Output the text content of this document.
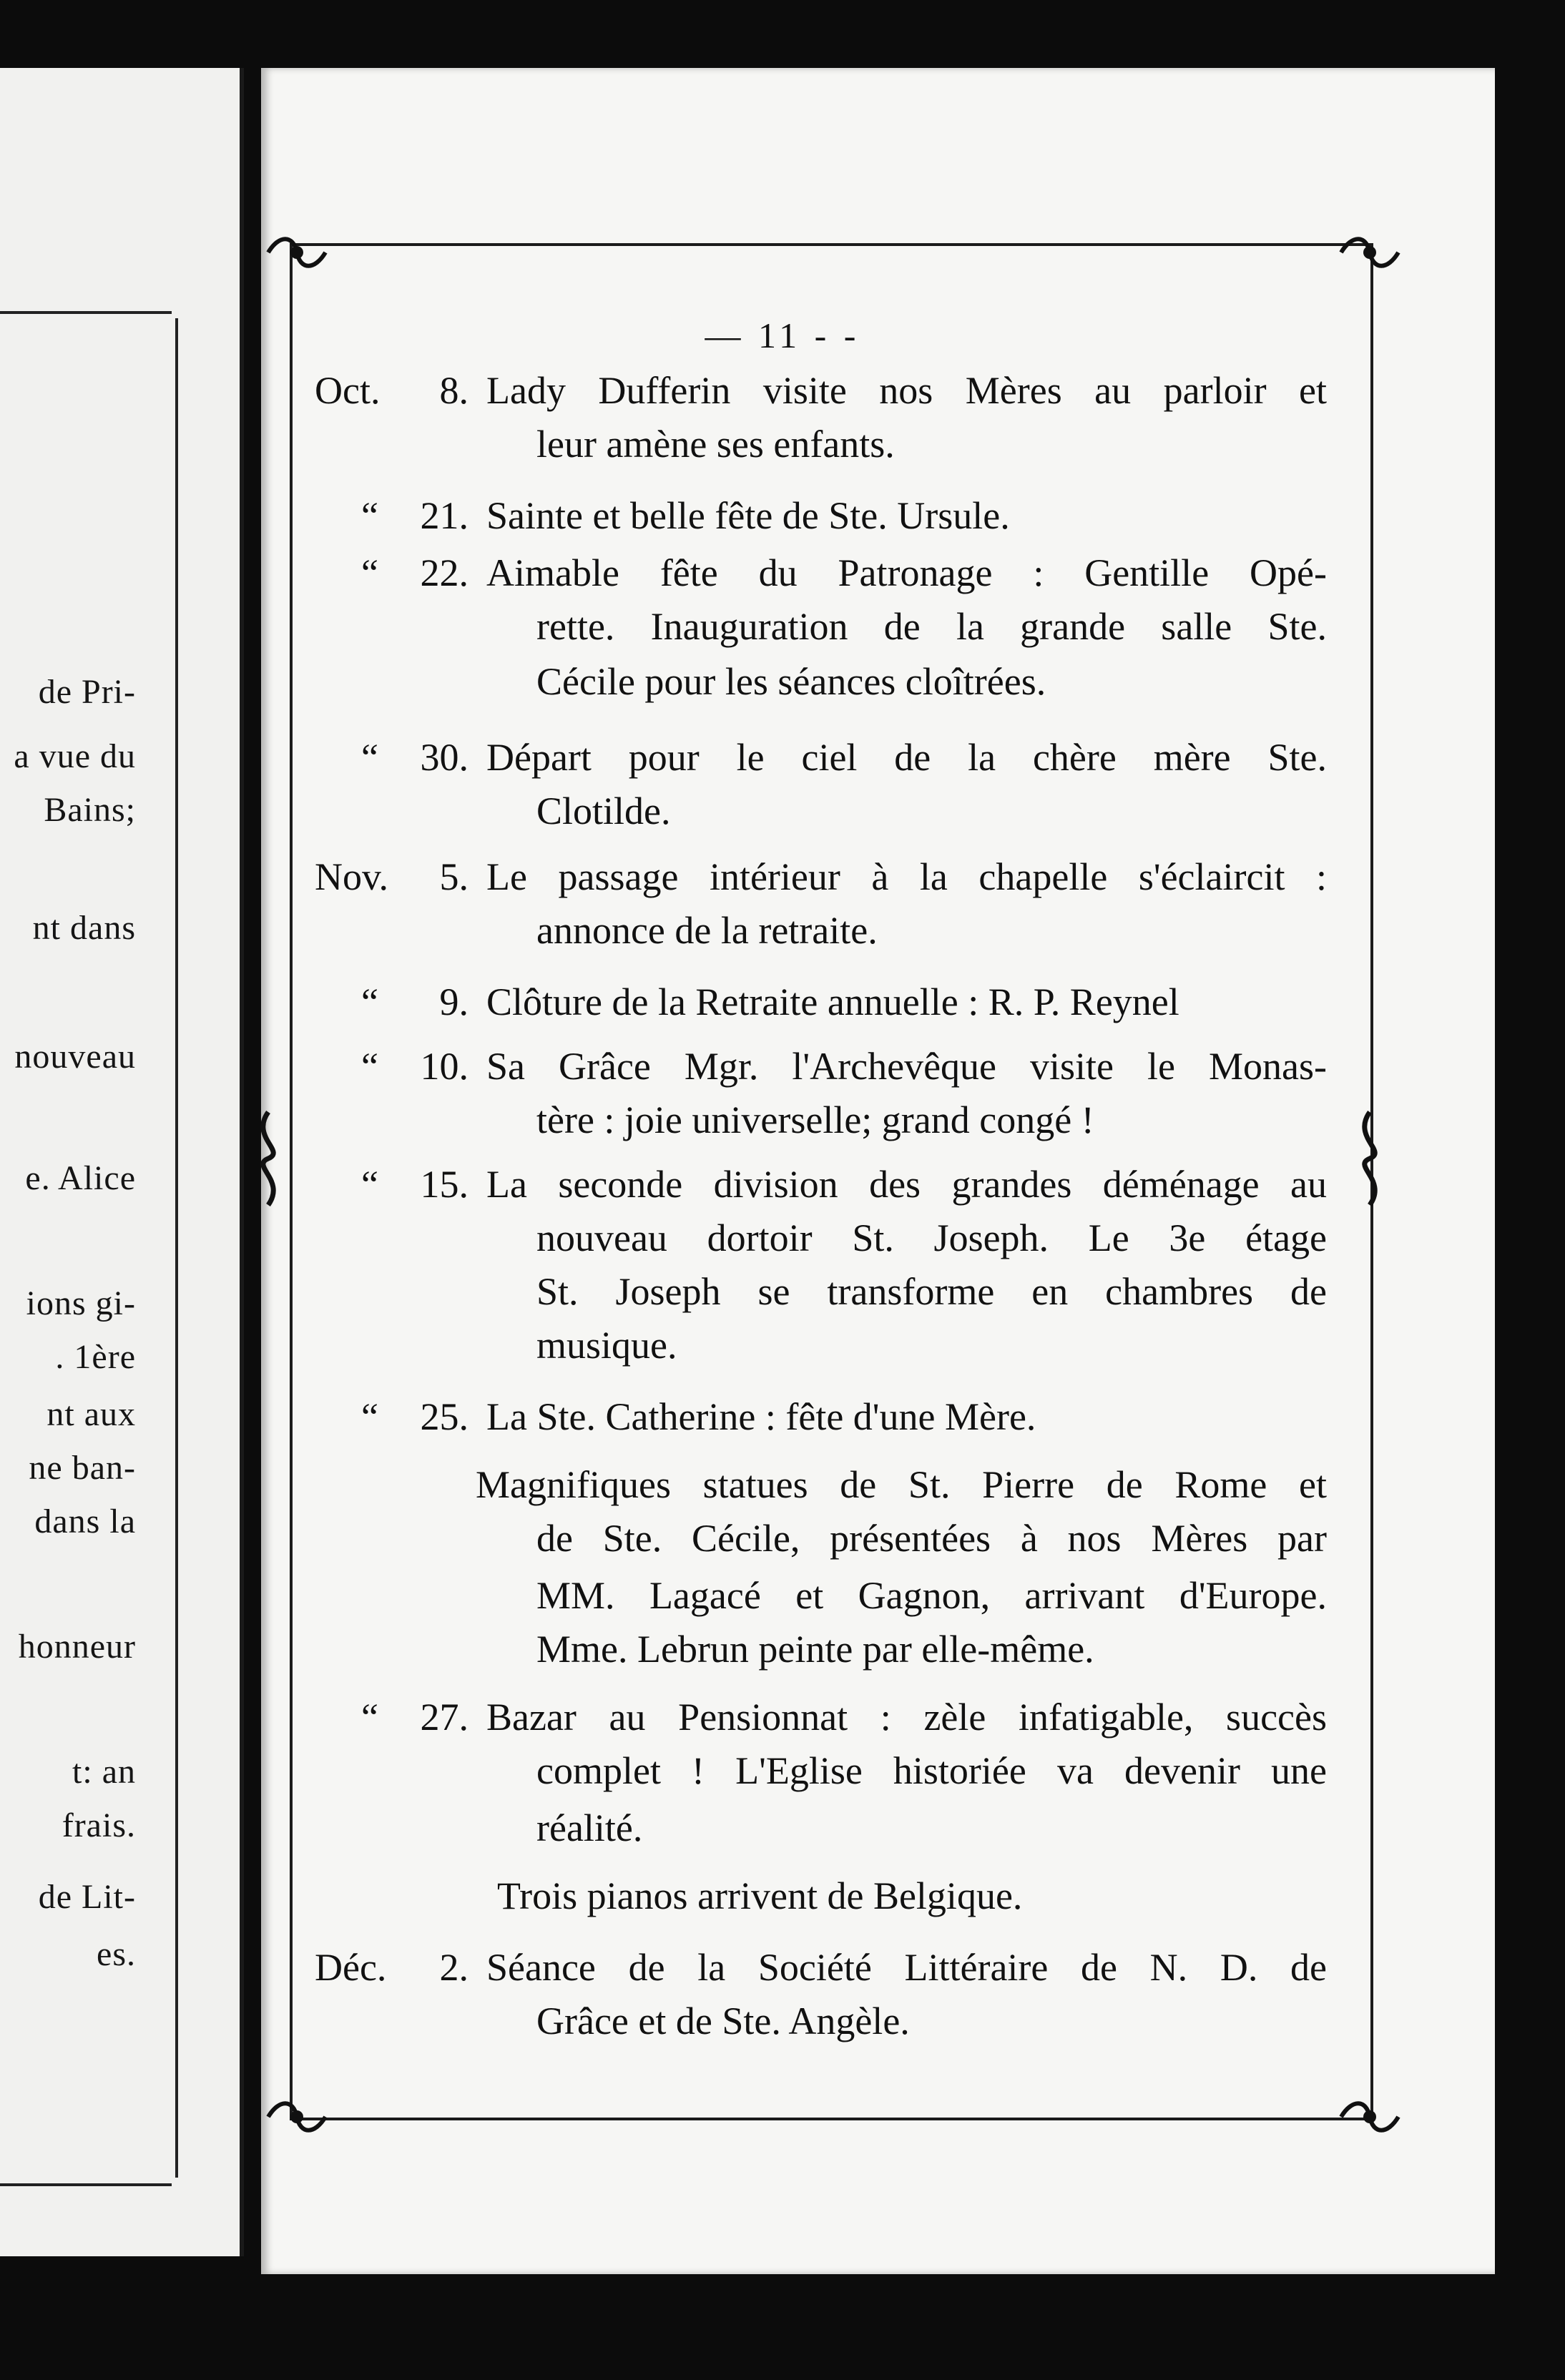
de Pri-
a vue du
Bains;
nt dans
nouveau
e. Alice
ions gi-
. 1ère
nt aux
ne ban-
dans la
honneur
t: an
frais.
de Lit-
es.
— 11 - -
Oct.	8. Lady Dufferin visite nos Mères au parloir et
leur amène ses enfants.
“	21. Sainte et belle fête de Ste. Ursule.
“	22. Aimable fête du Patronage : Gentille Opé-
rette. Inauguration de la grande salle Ste.
Cécile pour les séances cloîtrées.
“	30. Départ pour le ciel de la chère mère Ste.
Clotilde.
Nov.	5. Le passage intérieur à la chapelle s'éclaircit :
annonce de la retraite.
“	9. Clôture de la Retraite annuelle : R. P. Reynel
“	10. Sa Grâce Mgr. l'Archevêque visite le Monas-
tère : joie universelle; grand congé !
“	15. La seconde division des grandes déménage au
nouveau dortoir St. Joseph. Le 3e étage
St. Joseph se transforme en chambres de
musique.
“	25. La Ste. Catherine : fête d'une Mère.
Magnifiques statues de St. Pierre de Rome et
de Ste. Cécile, présentées à nos Mères par
MM. Lagacé et Gagnon, arrivant d'Europe.
Mme. Lebrun peinte par elle-même.
“	27. Bazar au Pensionnat : zèle infatigable, succès
complet ! L'Eglise historiée va devenir une
réalité.
Trois pianos arrivent de Belgique.
Déc.	2. Séance de la Société Littéraire de N. D. de
Grâce et de Ste. Angèle.
